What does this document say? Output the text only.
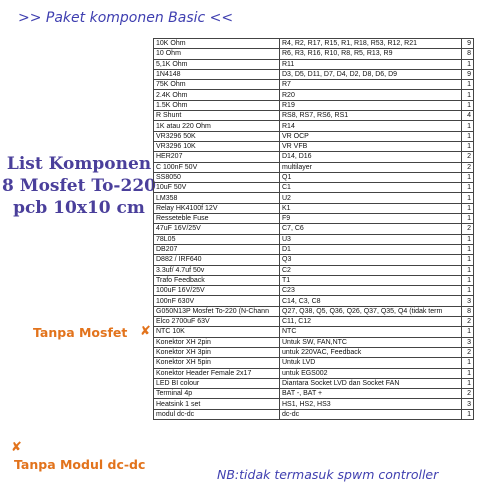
>> Paket komponen Basic <<
List Komponen
8 Mosfet To-220
pcb 10x10 cm
10K Ohm	R4, R2, R17, R15, R1, R18, R53, R12, R21	9
10 Ohm	R6, R3, R16, R10, R8, R5, R13, R9	8
5,1K Ohm	R11	1
1N4148	D3, D5, D11, D7, D4, D2, D8, D6, D9	9
75K Ohm	R7	1
2.4K Ohm	R20	1
1.5K Ohm	R19	1
R Shunt	RS8, RS7, RS6, RS1	4
1K atau 220 Ohm	R14	1
VR3296 50K	VR OCP	1
VR3296 10K	VR VFB	1
HER207	D14, D16	2
C 100nF 50V	multilayer	2
SS8050	Q1	1
10uF 50V	C1	1
LM358	U2	1
Relay HK4100f 12V	K1	1
Resseteble Fuse	F9	1
47uF 16V/25V	C7, C6	2
78L05	U3	1
DB207	D1	1
D882 / IRF640	Q3	1
3.3uf/ 4.7uf 50v	C2	1
Trafo Feedback	T1	1
100uF 16V/25V	C23	1
100nF 630V	C14, C3, C8	3
G050N13P Mosfet To-220 (N-Chann	Q27, Q38, Q5, Q36, Q26, Q37, Q35, Q4 (tidak term	8
Elco 2700uF 63V	C11, C12	2
NTC 10K	NTC	1
Konektor XH 2pin	Untuk SW, FAN,NTC	3
Konektor XH 3pin	untuk 220VAC, Feedback	2
Konektor XH 5pin	Untuk LVD	1
Konektor Header Female 2x17	untuk EGS002	1
LED BI colour	Diantara Socket LVD dan Socket FAN	1
Terminal 4p	BAT -, BAT +	2
Heatsink 1 set	HS1, HS2, HS3	3
modul dc-dc	dc-dc	1
Tanpa Mosfet ✘
✘
Tanpa Modul dc-dc
NB:tidak termasuk spwm controller
